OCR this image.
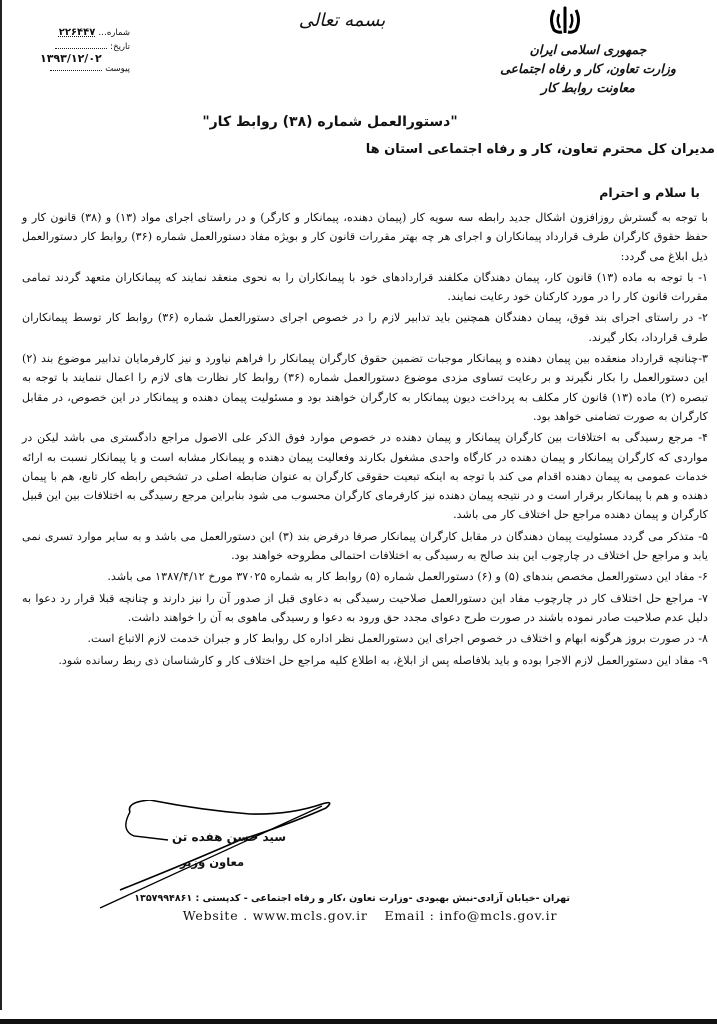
شماره... ۲۲۶۴۴۷
تاریخ:
۱۳۹۳/۱۲/۰۲
پیوست
بسمه تعالی
جمهوری اسلامی ایران
وزارت تعاون، کار و رفاه اجتماعی
معاونت روابط کار
"دستورالعمل شماره (۳۸) روابط کار"
مدیران کل محترم تعاون، کار و رفاه اجتماعی استان ها
با سلام و احترام

با توجه به گسترش روزافزون اشکال جدید رابطه سه سویه کار (پیمان دهنده، پیمانکار و کارگر) و در راستای اجرای مواد (۱۳) و (۳۸) قانون کار و حفظ حقوق کارگران طرف قرارداد پیمانکاران و اجرای هر چه بهتر مقررات قانون کار و بویژه مفاد دستورالعمل شماره (۳۶) روابط کار دستورالعمل ذیل ابلاغ می گردد:

۱- با توجه به ماده (۱۳) قانون کار، پیمان دهندگان مکلفند قراردادهای خود با پیمانکاران را به نحوی منعقد نمایند که پیمانکاران متعهد گردند تمامی مقررات قانون کار را در مورد کارکنان خود رعایت نمایند.

۲- در راستای اجرای بند فوق، پیمان دهندگان همچنین باید تدابیر لازم را در خصوص اجرای دستورالعمل شماره (۳۶) روابط کار توسط پیمانکاران طرف قرارداد، بکار گیرند.

۳-چنانچه قرارداد منعقده بین پیمان دهنده و پیمانکار موجبات تضمین حقوق کارگران پیمانکار را فراهم نیاورد و نیز کارفرمایان تدابیر موضوع بند (۲) این دستورالعمل را بکار نگیرند و بر رعایت تساوی مزدی موضوع دستورالعمل شماره (۳۶) روابط کار نظارت های لازم را اعمال ننمایند با توجه به تبصره (۲) ماده (۱۳) قانون کار مکلف به پرداخت دیون پیمانکار به کارگران خواهند بود و مسئولیت پیمان دهنده و پیمانکار در این خصوص، در مقابل کارگران به صورت تضامنی خواهد بود.

۴- مرجع رسیدگی به اختلافات بین کارگران پیمانکار و پیمان دهنده در خصوص موارد فوق الذکر علی الاصول مراجع دادگستری می باشد لیکن در مواردی که کارگران پیمانکار و پیمان دهنده در کارگاه واحدی مشغول بکارند وفعالیت پیمان دهنده و پیمانکار مشابه است و یا پیمانکار نسبت به ارائه خدمات عمومی به پیمان دهنده اقدام می کند با توجه به اینکه تبعیت حقوقی کارگران به عنوان ضابطه اصلی در تشخیص رابطه کار تابع، هم با پیمان دهنده و هم با پیمانکار برقرار است و در نتیجه پیمان دهنده نیز کارفرمای کارگران محسوب می شود بنابراین مرجع رسیدگی به اختلافات بین این قبیل کارگران و پیمان دهنده مراجع حل اختلاف کار می باشد.

۵- متذکر می گردد مسئولیت پیمان دهندگان در مقابل کارگران پیمانکار صرفا درفرض بند (۳) این دستورالعمل می باشد و به سایر موارد تسری نمی یابد و مراجع حل اختلاف در چارچوب این بند صالح به رسیدگی به اختلافات احتمالی مطروحه خواهند بود.

۶- مفاد این دستورالعمل مخصص بندهای (۵) و (۶) دستورالعمل شماره (۵) روابط کار به شماره ۳۷۰۲۵ مورخ ۱۳۸۷/۴/۱۲ می باشد.

۷- مراجع حل اختلاف کار در چارچوب مفاد این دستورالعمل صلاحیت رسیدگی به دعاوی قبل از صدور آن را نیز دارند و چنانچه قبلا قرار رد دعوا به دلیل عدم صلاحیت صادر نموده باشند در صورت طرح دعوای مجدد حق ورود به دعوا و رسیدگی ماهوی به آن را خواهند داشت.

۸- در صورت بروز هرگونه ابهام و اختلاف در خصوص اجرای این دستورالعمل نظر اداره کل روابط کار و جبران خدمت لازم الاتباع است.

۹- مفاد این دستورالعمل لازم الاجرا بوده و باید بلافاصله پس از ابلاغ، به اطلاع کلیه مراجع حل اختلاف کار و کارشناسان ذی ربط رسانده شود.

سید حسن هفده تن
معاون وزیر
تهران -خیابان آزادی-نبش بهبودی -وزارت تعاون ،کار و رفاه اجتماعی - کدپستی : ۱۳۵۷۹۹۴۸۶۱
Website . www.mcls.gov.ir Email : info@mcls.gov.ir
